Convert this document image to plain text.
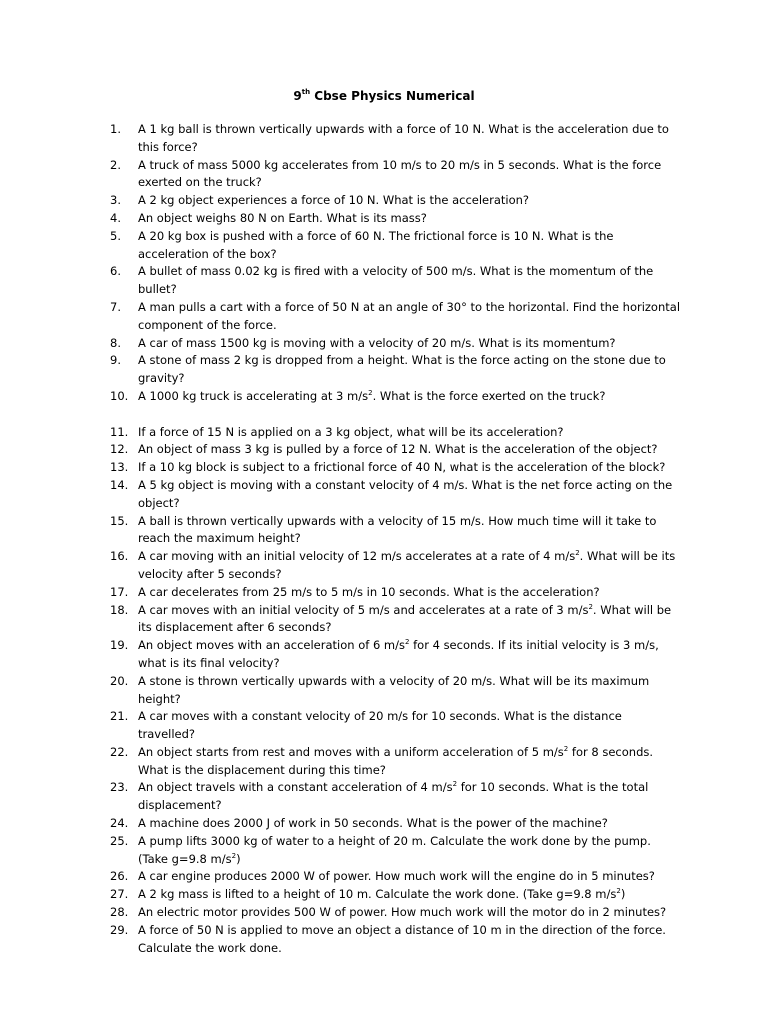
9th Cbse Physics Numerical
1.	A 1 kg ball is thrown vertically upwards with a force of 10 N. What is the acceleration due to this force?
2.	A truck of mass 5000 kg accelerates from 10 m/s to 20 m/s in 5 seconds. What is the force exerted on the truck?
3.	A 2 kg object experiences a force of 10 N. What is the acceleration?
4.	An object weighs 80 N on Earth. What is its mass?
5.	A 20 kg box is pushed with a force of 60 N. The frictional force is 10 N. What is the acceleration of the box?
6.	A bullet of mass 0.02 kg is fired with a velocity of 500 m/s. What is the momentum of the bullet?
7.	A man pulls a cart with a force of 50 N at an angle of 30° to the horizontal. Find the horizontal component of the force.
8.	A car of mass 1500 kg is moving with a velocity of 20 m/s. What is its momentum?
9.	A stone of mass 2 kg is dropped from a height. What is the force acting on the stone due to gravity?
10. A 1000 kg truck is accelerating at 3 $m/s^2$. What is the force exerted on the truck?
11. If a force of 15 N is applied on a 3 kg object, what will be its acceleration?
12. An object of mass 3 kg is pulled by a force of 12 N. What is the acceleration of the object?
13. If a 10 kg block is subject to a frictional force of 40 N, what is the acceleration of the block?
14. A 5 kg object is moving with a constant velocity of 4 m/s. What is the net force acting on the object?
15. A ball is thrown vertically upwards with a velocity of 15 m/s. How much time will it take to reach the maximum height?
16. A car moving with an initial velocity of 12 m/s accelerates at a rate of 4 $m/s^2$. What will be its velocity after 5 seconds?
17. A car decelerates from 25 m/s to 5 m/s in 10 seconds. What is the acceleration?
18. A car moves with an initial velocity of 5 m/s and accelerates at a rate of 3 $m/s^2$. What will be its displacement after 6 seconds?
19. An object moves with an acceleration of 6 $m/s^2$ for 4 seconds. If its initial velocity is 3 m/s, what is its final velocity?
20. A stone is thrown vertically upwards with a velocity of 20 m/s. What will be its maximum height?
21. A car moves with a constant velocity of 20 m/s for 10 seconds. What is the distance travelled?
22. An object starts from rest and moves with a uniform acceleration of 5 $m/s^2$ for 8 seconds. What is the displacement during this time?
23. An object travels with a constant acceleration of 4 $m/s^2$ for 10 seconds. What is the total displacement?
24. A machine does 2000 J of work in 50 seconds. What is the power of the machine?
25. A pump lifts 3000 kg of water to a height of 20 m. Calculate the work done by the pump.
(Take g=9.8 $m/s^2$)
26. A car engine produces 2000 W of power. How much work will the engine do in 5 minutes?
27. A 2 kg mass is lifted to a height of 10 m. Calculate the work done. (Take g=9.8 $m/s^2$)
28. An electric motor provides 500 W of power. How much work will the motor do in 2 minutes?
29. A force of 50 N is applied to move an object a distance of 10 m in the direction of the force. Calculate the work done.
